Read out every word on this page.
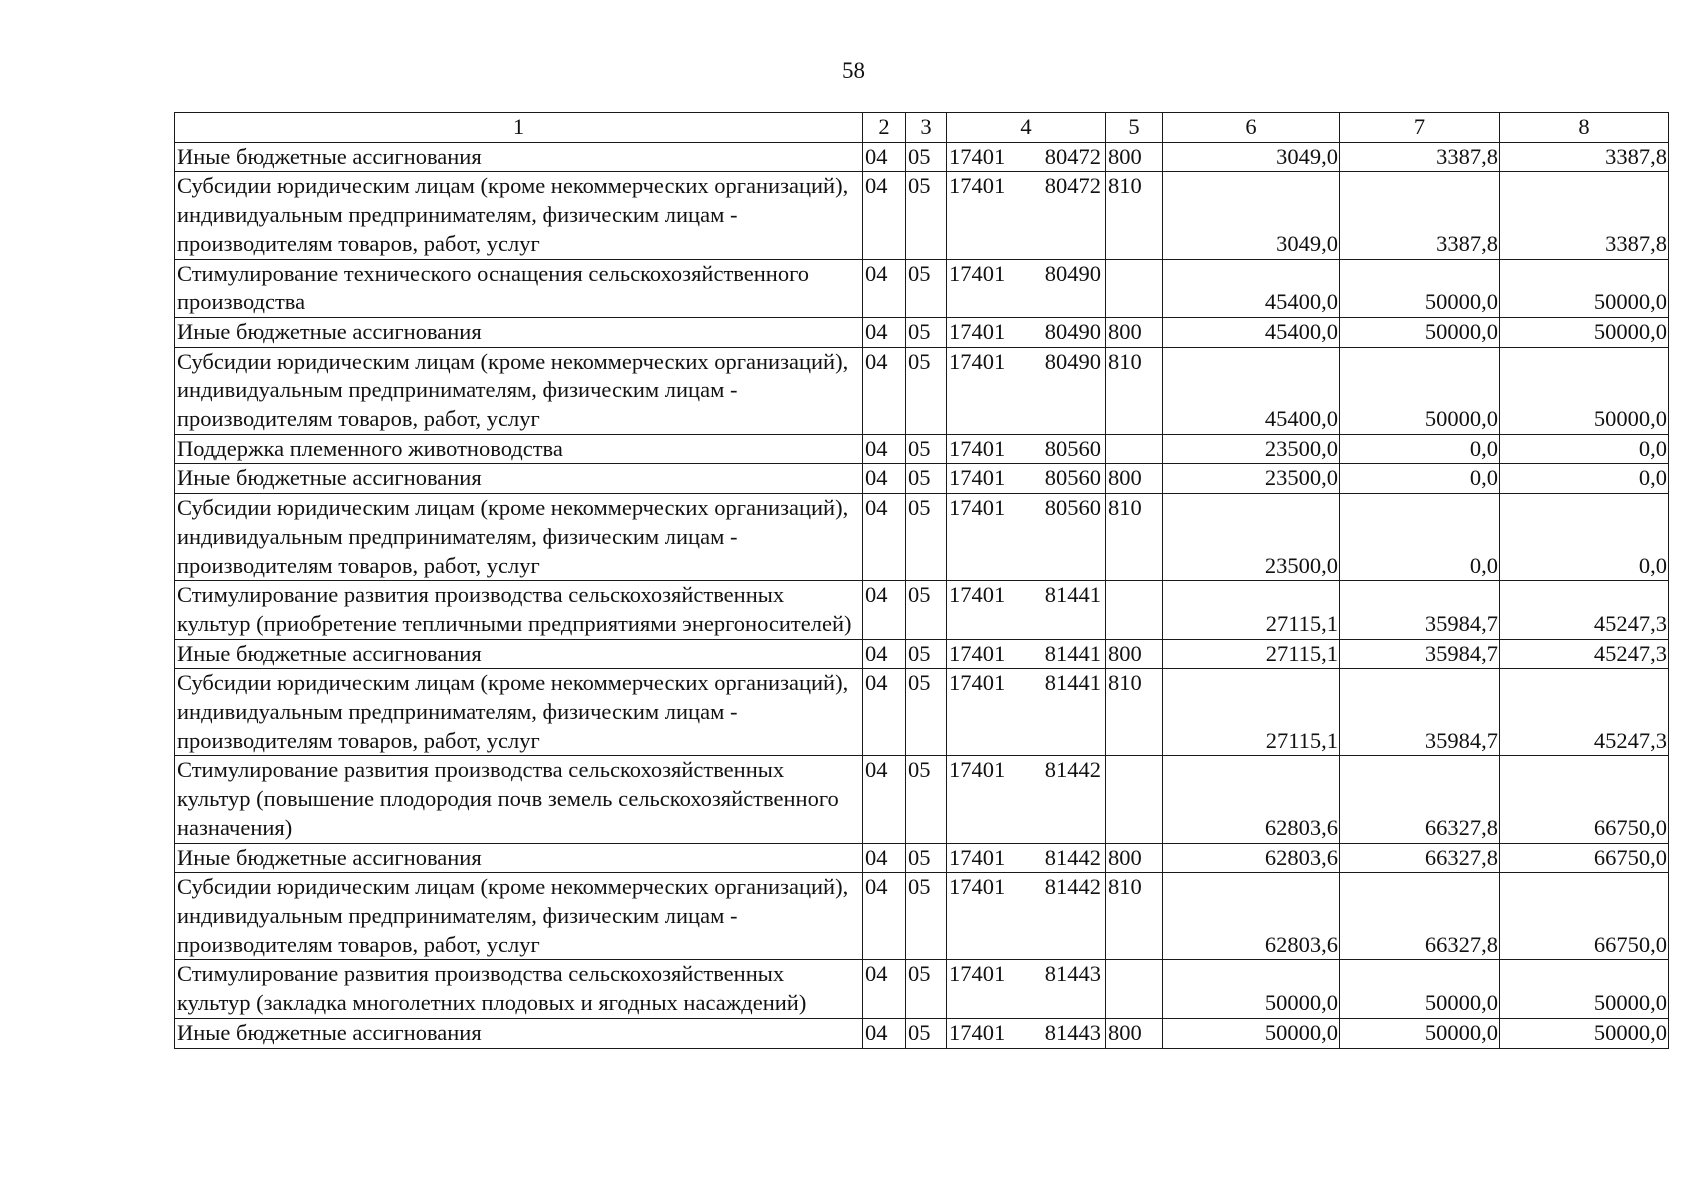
58
1	2	3	4	5	6	7	8
Иные бюджетные ассигнования	04	05	17401 80472	800	3049,0	3387,8	3387,8
Субсидии юридическим лицам (кроме некоммерческих организаций), индивидуальным предпринимателям, физическим лицам - производителям товаров, работ, услуг	04	05	17401 80472	810	3049,0	3387,8	3387,8
Стимулирование технического оснащения сельскохозяйственного производства	04	05	17401 80490		45400,0	50000,0	50000,0
Иные бюджетные ассигнования	04	05	17401 80490	800	45400,0	50000,0	50000,0
Субсидии юридическим лицам (кроме некоммерческих организаций), индивидуальным предпринимателям, физическим лицам - производителям товаров, работ, услуг	04	05	17401 80490	810	45400,0	50000,0	50000,0
Поддержка племенного животноводства	04	05	17401 80560		23500,0	0,0	0,0
Иные бюджетные ассигнования	04	05	17401 80560	800	23500,0	0,0	0,0
Субсидии юридическим лицам (кроме некоммерческих организаций), индивидуальным предпринимателям, физическим лицам - производителям товаров, работ, услуг	04	05	17401 80560	810	23500,0	0,0	0,0
Стимулирование развития производства сельскохозяйственных культур (приобретение тепличными предприятиями энергоносителей)	04	05	17401 81441		27115,1	35984,7	45247,3
Иные бюджетные ассигнования	04	05	17401 81441	800	27115,1	35984,7	45247,3
Субсидии юридическим лицам (кроме некоммерческих организаций), индивидуальным предпринимателям, физическим лицам - производителям товаров, работ, услуг	04	05	17401 81441	810	27115,1	35984,7	45247,3
Стимулирование развития производства сельскохозяйственных культур (повышение плодородия почв земель сельскохозяйственного назначения)	04	05	17401 81442		62803,6	66327,8	66750,0
Иные бюджетные ассигнования	04	05	17401 81442	800	62803,6	66327,8	66750,0
Субсидии юридическим лицам (кроме некоммерческих организаций), индивидуальным предпринимателям, физическим лицам - производителям товаров, работ, услуг	04	05	17401 81442	810	62803,6	66327,8	66750,0
Стимулирование развития производства сельскохозяйственных культур (закладка многолетних плодовых и ягодных насаждений)	04	05	17401 81443		50000,0	50000,0	50000,0
Иные бюджетные ассигнования	04	05	17401 81443	800	50000,0	50000,0	50000,0
